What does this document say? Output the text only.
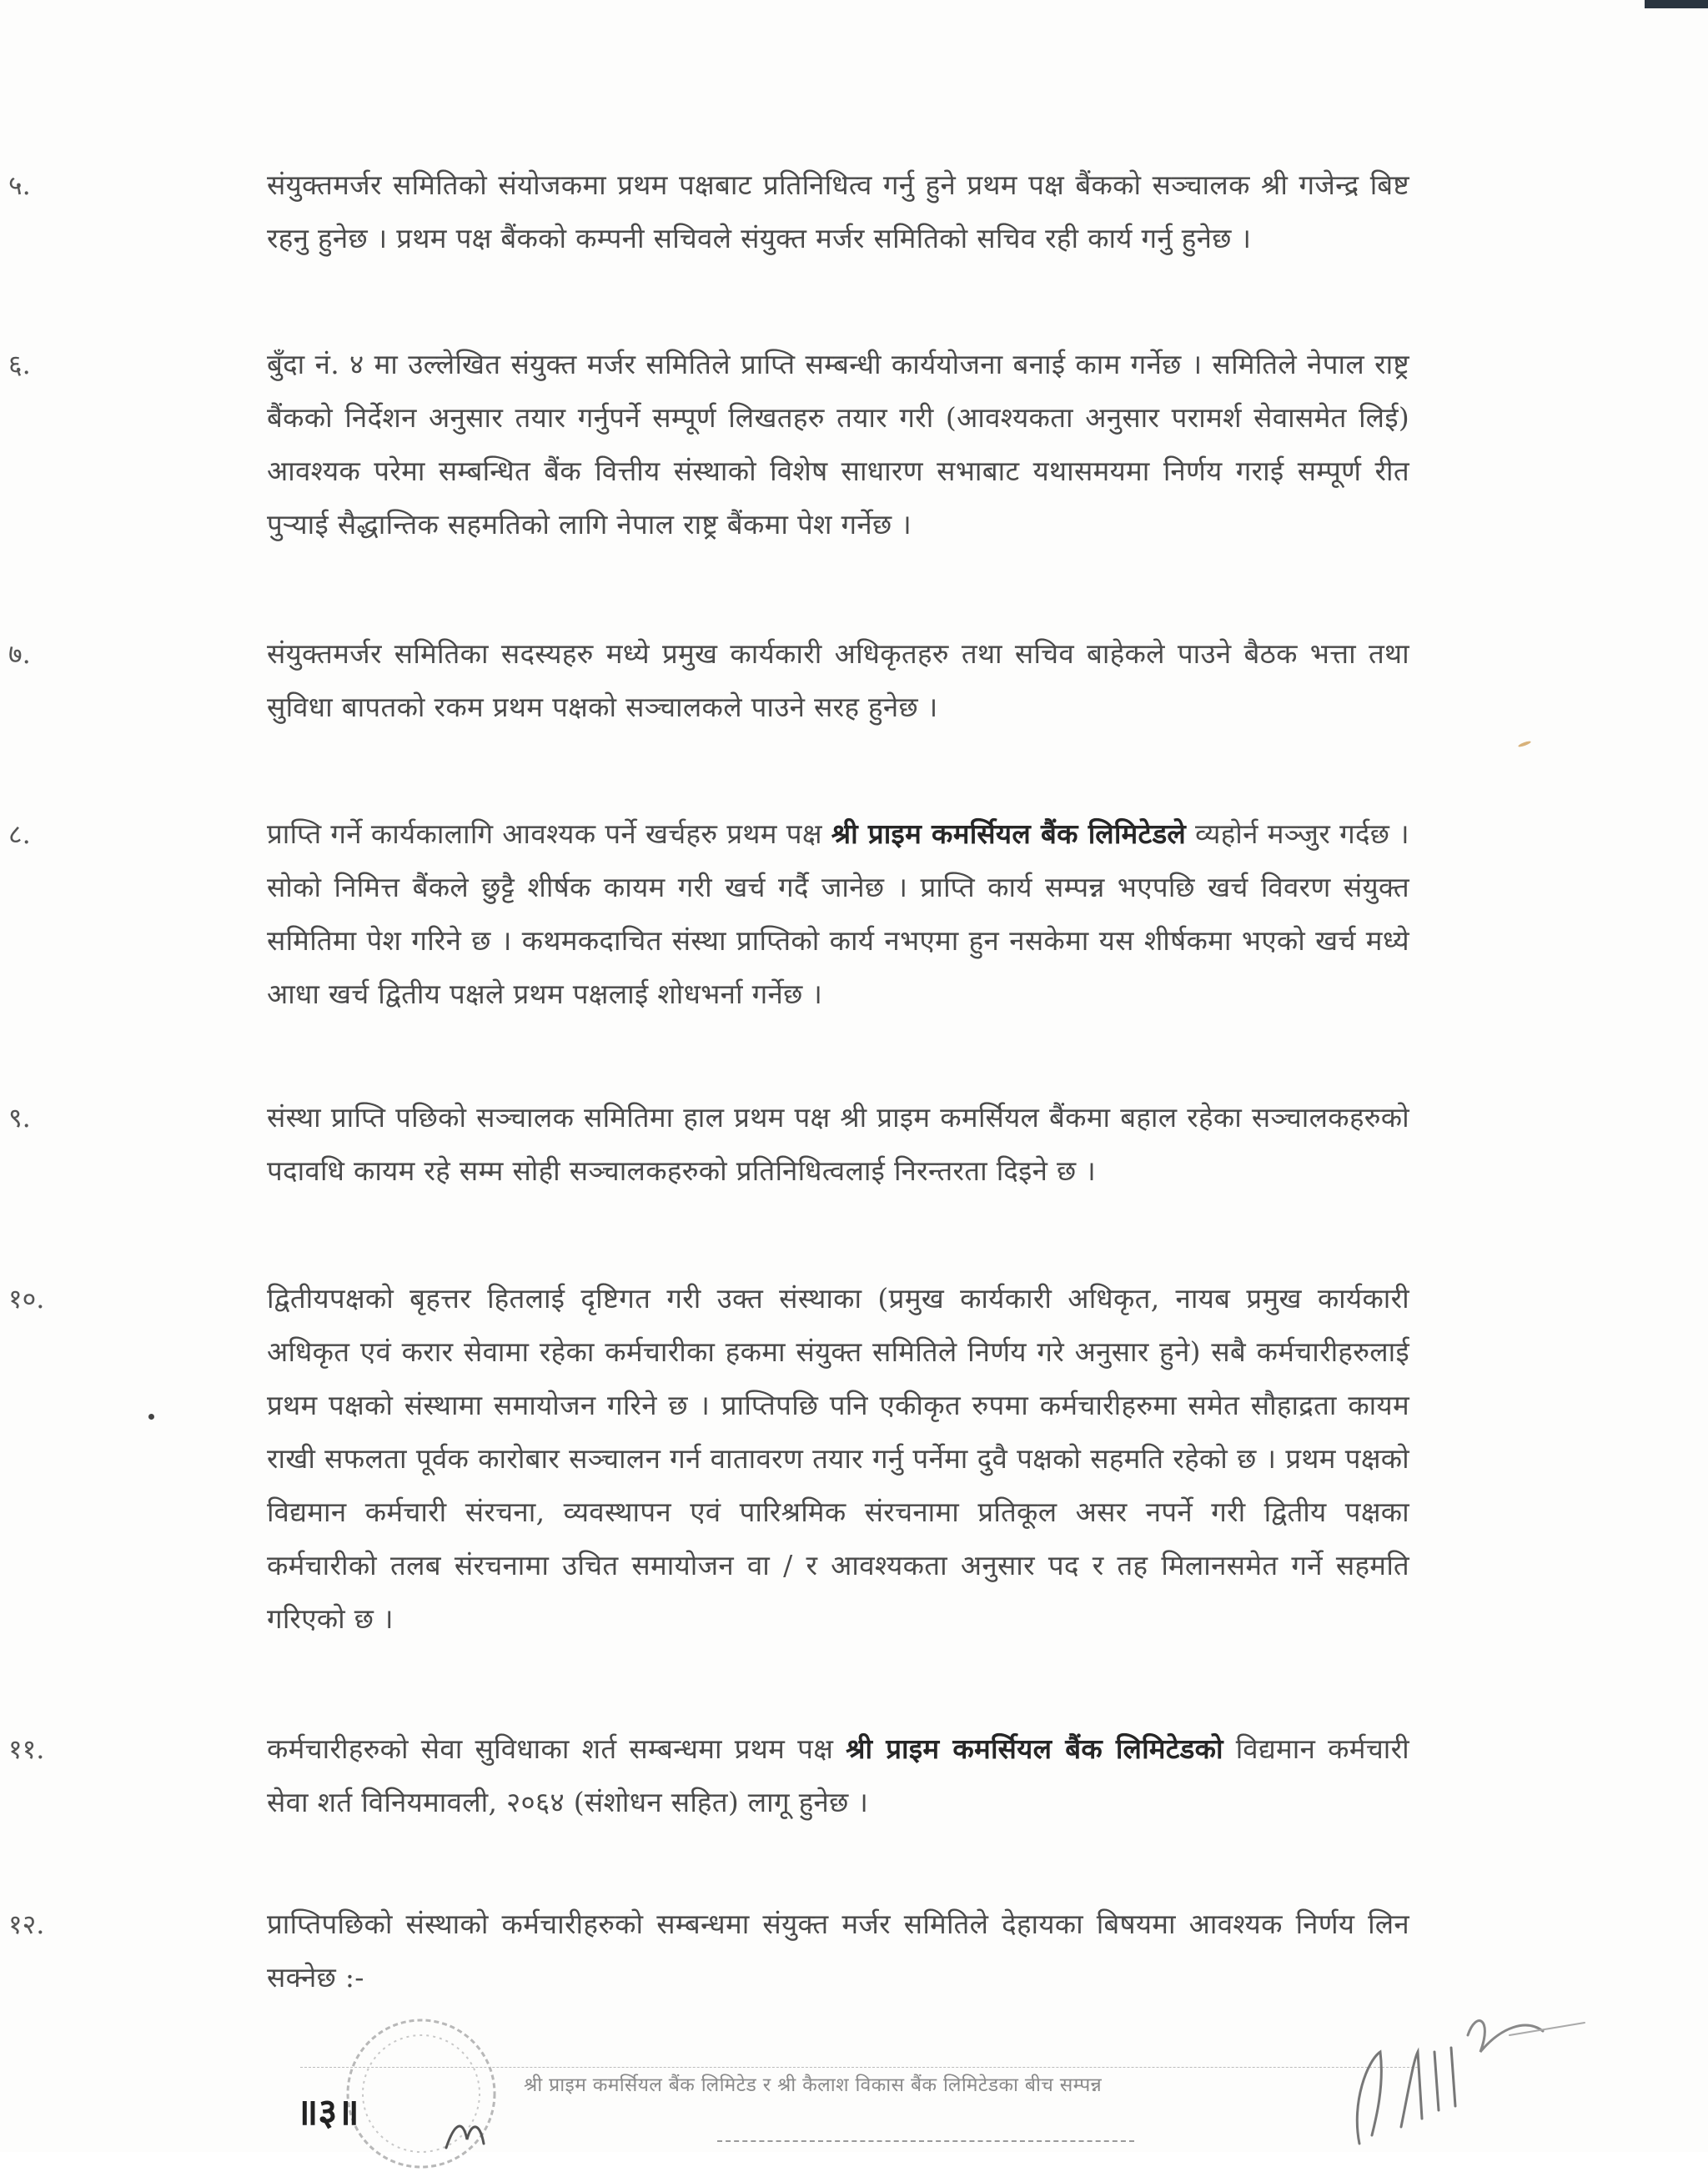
५.	संयुक्तमर्जर समितिको संयोजकमा प्रथम पक्षबाट प्रतिनिधित्व गर्नु हुने प्रथम पक्ष बैंकको सञ्चालक श्री गजेन्द्र बिष्ट रहनु हुनेछ । प्रथम पक्ष बैंकको कम्पनी सचिवले संयुक्त मर्जर समितिको सचिव रही कार्य गर्नु हुनेछ ।
६.	बुँदा नं. ४ मा उल्लेखित संयुक्त मर्जर समितिले प्राप्ति सम्बन्धी कार्ययोजना बनाई काम गर्नेछ । समितिले नेपाल राष्ट्र बैंकको निर्देशन अनुसार तयार गर्नुपर्ने सम्पूर्ण लिखतहरु तयार गरी (आवश्यकता अनुसार परामर्श सेवासमेत लिई) आवश्यक परेमा सम्बन्धित बैंक वित्तीय संस्थाको विशेष साधारण सभाबाट यथासमयमा निर्णय गराई सम्पूर्ण रीत पुऱ्याई सैद्धान्तिक सहमतिको लागि नेपाल राष्ट्र बैंकमा पेश गर्नेछ ।
७.	संयुक्तमर्जर समितिका सदस्यहरु मध्ये प्रमुख कार्यकारी अधिकृतहरु तथा सचिव बाहेकले पाउने बैठक भत्ता तथा सुविधा बापतको रकम प्रथम पक्षको सञ्चालकले पाउने सरह हुनेछ ।
८.	प्राप्ति गर्ने कार्यकालागि आवश्यक पर्ने खर्चहरु प्रथम पक्ष श्री प्राइम कमर्सियल बैंक लिमिटेडले व्यहोर्न मञ्जुर गर्दछ । सोको निमित्त बैंकले छुट्टै शीर्षक कायम गरी खर्च गर्दै जानेछ । प्राप्ति कार्य सम्पन्न भएपछि खर्च विवरण संयुक्त समितिमा पेश गरिने छ । कथमकदाचित संस्था प्राप्तिको कार्य नभएमा हुन नसकेमा यस शीर्षकमा भएको खर्च मध्ये आधा खर्च द्वितीय पक्षले प्रथम पक्षलाई शोधभर्ना गर्नेछ ।
९.	संस्था प्राप्ति पछिको सञ्चालक समितिमा हाल प्रथम पक्ष श्री प्राइम कमर्सियल बैंकमा बहाल रहेका सञ्चालकहरुको पदावधि कायम रहे सम्म सोही सञ्चालकहरुको प्रतिनिधित्वलाई निरन्तरता दिइने छ ।
१०.	द्वितीयपक्षको बृहत्तर हितलाई दृष्टिगत गरी उक्त संस्थाका (प्रमुख कार्यकारी अधिकृत, नायब प्रमुख कार्यकारी अधिकृत एवं करार सेवामा रहेका कर्मचारीका हकमा संयुक्त समितिले निर्णय गरे अनुसार हुने) सबै कर्मचारीहरुलाई प्रथम पक्षको संस्थामा समायोजन गरिने छ । प्राप्तिपछि पनि एकीकृत रुपमा कर्मचारीहरुमा समेत सौहाद्रता कायम राखी सफलता पूर्वक कारोबार सञ्चालन गर्न वातावरण तयार गर्नु पर्नेमा दुवै पक्षको सहमति रहेको छ । प्रथम पक्षको विद्यमान कर्मचारी संरचना, व्यवस्थापन एवं पारिश्रमिक संरचनामा प्रतिकूल असर नपर्ने गरी द्वितीय पक्षका कर्मचारीको तलब संरचनामा उचित समायोजन वा / र आवश्यकता अनुसार पद र तह मिलानसमेत गर्ने सहमति गरिएको छ ।
११.	कर्मचारीहरुको सेवा सुविधाका शर्त सम्बन्धमा प्रथम पक्ष श्री प्राइम कमर्सियल बैंक लिमिटेडको विद्यमान कर्मचारी सेवा शर्त विनियमावली, २०६४ (संशोधन सहित) लागू हुनेछ ।
१२.	प्राप्तिपछिको संस्थाको कर्मचारीहरुको सम्बन्धमा संयुक्त मर्जर समितिले देहायका बिषयमा आवश्यक निर्णय लिन सक्नेछ :-
॥३॥
श्री प्राइम कमर्सियल बैंक लिमिटेड र श्री कैलाश विकास बैंक लिमिटेडका बीच सम्पन्न
